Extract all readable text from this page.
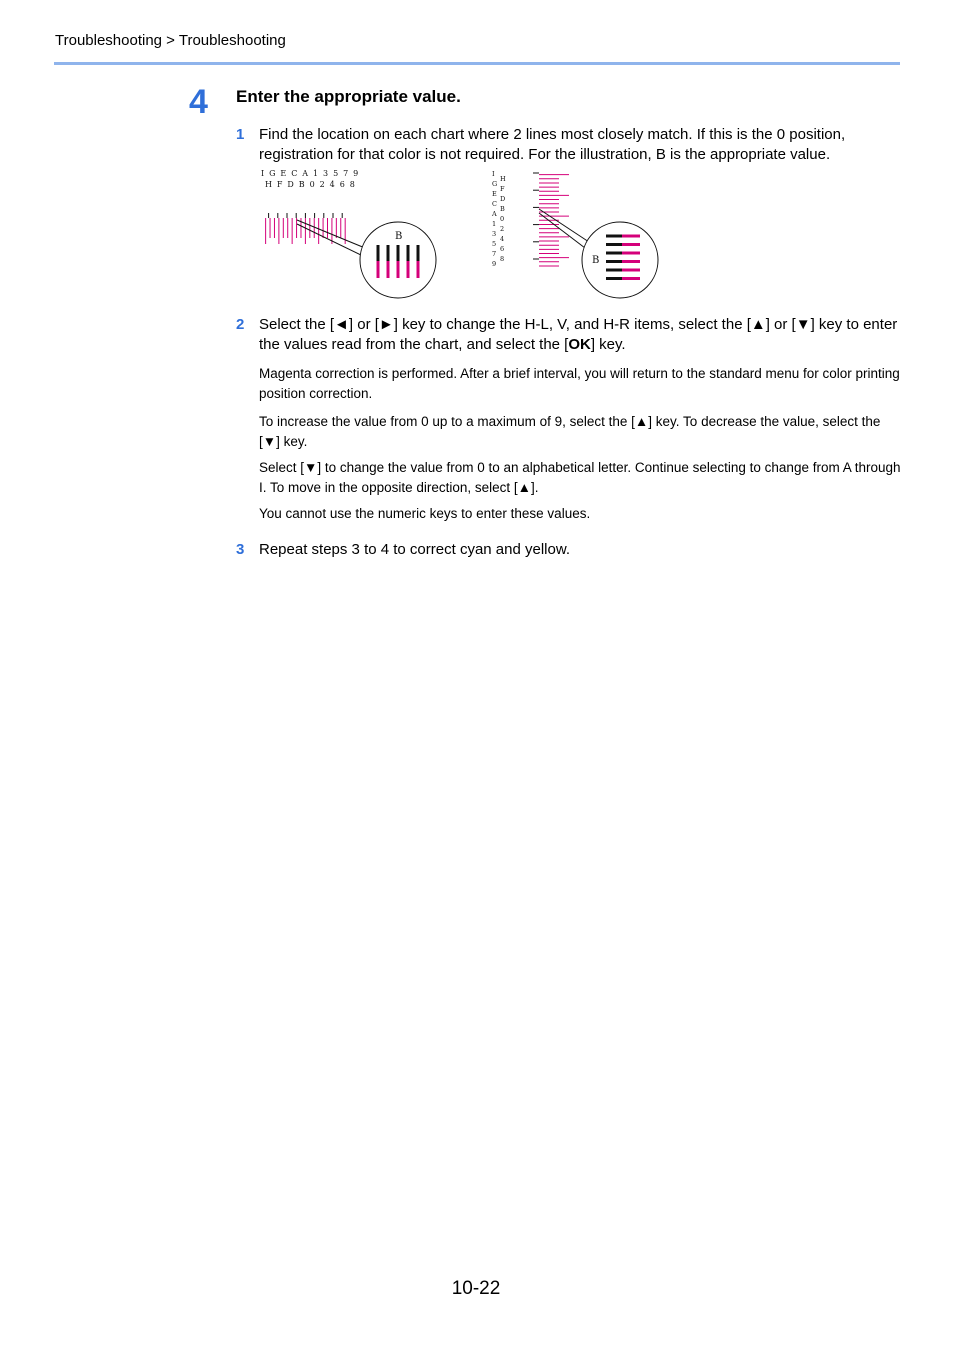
Troubleshooting > Troubleshooting
4 Enter the appropriate value.
1 Find the location on each chart where 2 lines most closely match. If this is the 0 position, registration for that color is not required. For the illustration, B is the appropriate value.
I G E C A 1 3 5 7 9
H F D B 0 2 4 6 8
B
I
G
E
C
A
1
3
5
7
9
H
F
D
B
0
2
4
6
8	B
2 Select the [◄] or [►] key to change the H-L, V, and H-R items, select the [▲] or [▼] key to enter the values read from the chart, and select the [OK] key.
Magenta correction is performed. After a brief interval, you will return to the standard menu for color printing position correction.
To increase the value from 0 up to a maximum of 9, select the [▲] key. To decrease the value, select the [▼] key.
Select [▼] to change the value from 0 to an alphabetical letter. Continue selecting to change from A through I. To move in the opposite direction, select [▲].
You cannot use the numeric keys to enter these values.
3 Repeat steps 3 to 4 to correct cyan and yellow.
10-22
